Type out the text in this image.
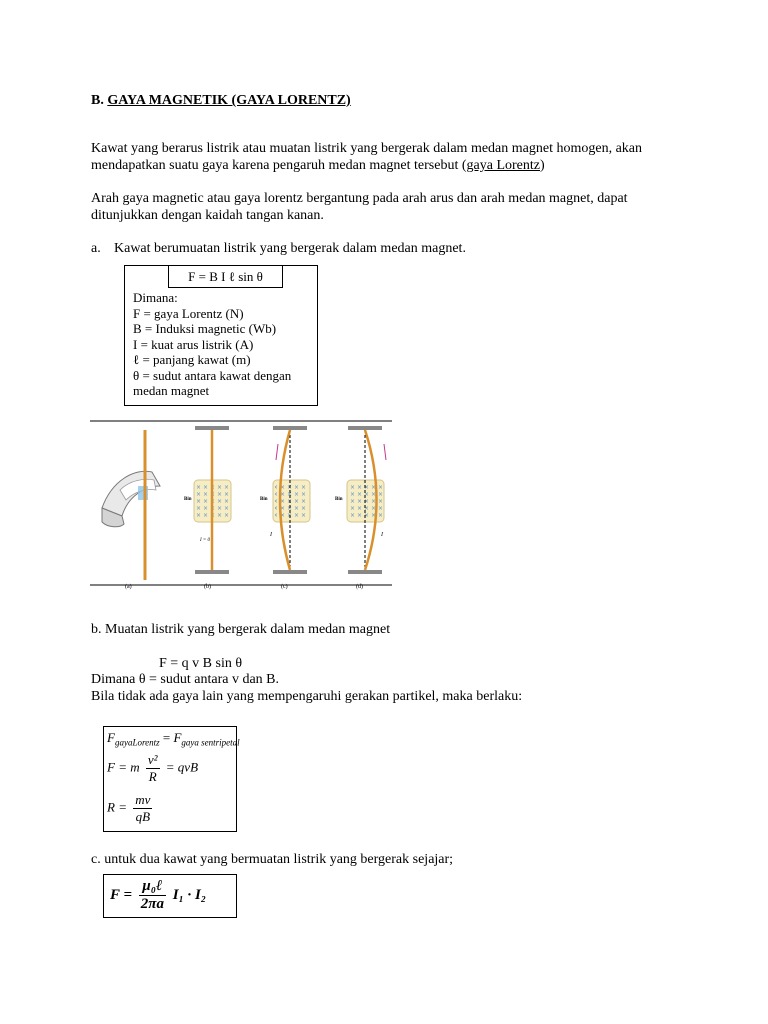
B. GAYA MAGNETIK (GAYA LORENTZ)
Kawat yang berarus listrik atau muatan listrik yang bergerak dalam medan magnet homogen, akan
mendapatkan suatu gaya karena pengaruh medan magnet tersebut (gaya Lorentz)
Arah gaya magnetic atau gaya lorentz bergantung pada arah arus dan arah medan magnet, dapat
ditunjukkan dengan kaidah tangan kanan.
a. Kawat berumuatan listrik yang bergerak dalam medan magnet.
F = B I ℓ sin θ
Dimana:
F = gaya Lorentz (N)
B = Induksi magnetic (Wb)
I = kuat arus listrik (A)
ℓ = panjang kawat (m)
θ = sudut antara kawat dengan
medan magnet
Bin	Bin	Bin
I = 0
I	I
(a)	(b)	(c)	(d)
b. Muatan listrik yang bergerak dalam medan magnet
F = q v B sin θ
Dimana θ = sudut antara v dan B.
Bila tidak ada gaya lain yang mempengaruhi gerakan partikel, maka berlaku:
$F_{gayaLorentz} = F_{gaya sentripetal}$
F = m $\frac{\text{v²}}{R}$ = qvB
$R = \frac{mv}{qB}$
c. untuk dua kawat yang bermuatan listrik yang bergerak sejajar;
$F = \frac{\text{μ₀ℓ}}{2\pi a} I_1 \cdot I_2$
